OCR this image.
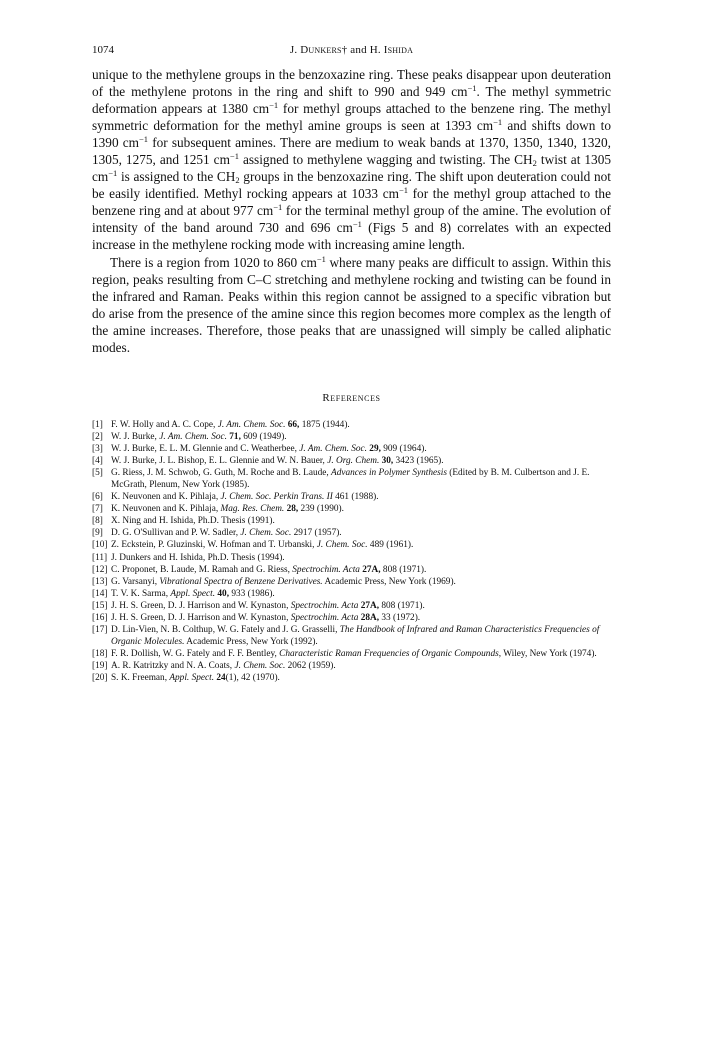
1074	J. Dunkers† and H. Ishida

unique to the methylene groups in the benzoxazine ring. These peaks disappear upon deuteration of the methylene protons in the ring and shift to 990 and 949 $cm^{-1}$. The methyl symmetric deformation appears at 1380 $cm^{-1}$ for methyl groups attached to the benzene ring. The methyl symmetric deformation for the methyl amine groups is seen at 1393 $cm^{-1}$ and shifts down to 1390 $cm^{-1}$ for subsequent amines. There are medium to weak bands at 1370, 1350, 1340, 1320, 1305, 1275, and 1251 $cm^{-1}$ assigned to methylene wagging and twisting. The $CH_2$ twist at 1305 $cm^{-1}$ is assigned to the $CH_2$ groups in the benzoxazine ring. The shift upon deuteration could not be easily identified. Methyl rocking appears at 1033 $cm^{-1}$ for the methyl group attached to the benzene ring and at about 977 $cm^{-1}$ for the terminal methyl group of the amine. The evolution of intensity of the band around 730 and 696 $cm^{-1}$ (Figs 5 and 8) correlates with an expected increase in the methylene rocking mode with increasing amine length.

There is a region from 1020 to 860 $cm^{-1}$ where many peaks are difficult to assign. Within this region, peaks resulting from C–C stretching and methylene rocking and twisting can be found in the infrared and Raman. Peaks within this region cannot be assigned to a specific vibration but do arise from the presence of the amine since this region becomes more complex as the length of the amine increases. Therefore, those peaks that are unassigned will simply be called aliphatic modes.

References
[1] F. W. Holly and A. C. Cope, J. Am. Chem. Soc. 66, 1875 (1944).
[2] W. J. Burke, J. Am. Chem. Soc. 71, 609 (1949).
[3] W. J. Burke, E. L. M. Glennie and C. Weatherbee, J. Am. Chem. Soc. 29, 909 (1964).
[4] W. J. Burke, J. L. Bishop, E. L. Glennie and W. N. Bauer, J. Org. Chem. 30, 3423 (1965).
[5] G. Riess, J. M. Schwob, G. Guth, M. Roche and B. Laude, Advances in Polymer Synthesis (Edited by B. M. Culbertson and J. E. McGrath, Plenum, New York (1985).
[6] K. Neuvonen and K. Pihlaja, J. Chem. Soc. Perkin Trans. II 461 (1988).
[7] K. Neuvonen and K. Pihlaja, Mag. Res. Chem. 28, 239 (1990).
[8] X. Ning and H. Ishida, Ph.D. Thesis (1991).
[9] D. G. O'Sullivan and P. W. Sadler, J. Chem. Soc. 2917 (1957).
[10] Z. Eckstein, P. Gluzinski, W. Hofman and T. Urbanski, J. Chem. Soc. 489 (1961).
[11] J. Dunkers and H. Ishida, Ph.D. Thesis (1994).
[12] C. Proponet, B. Laude, M. Ramah and G. Riess, Spectrochim. Acta 27A, 808 (1971).
[13] G. Varsanyi, Vibrational Spectra of Benzene Derivatives. Academic Press, New York (1969).
[14] T. V. K. Sarma, Appl. Spect. 40, 933 (1986).
[15] J. H. S. Green, D. J. Harrison and W. Kynaston, Spectrochim. Acta 27A, 808 (1971).
[16] J. H. S. Green, D. J. Harrison and W. Kynaston, Spectrochim. Acta 28A, 33 (1972).
[17] D. Lin-Vien, N. B. Colthup, W. G. Fately and J. G. Grasselli, The Handbook of Infrared and Raman Characteristics Frequencies of Organic Molecules. Academic Press, New York (1992).
[18] F. R. Dollish, W. G. Fately and F. F. Bentley, Characteristic Raman Frequencies of Organic Compounds, Wiley, New York (1974).
[19] A. R. Katritzky and N. A. Coats, J. Chem. Soc. 2062 (1959).
[20] S. K. Freeman, Appl. Spect. 24(1), 42 (1970).
